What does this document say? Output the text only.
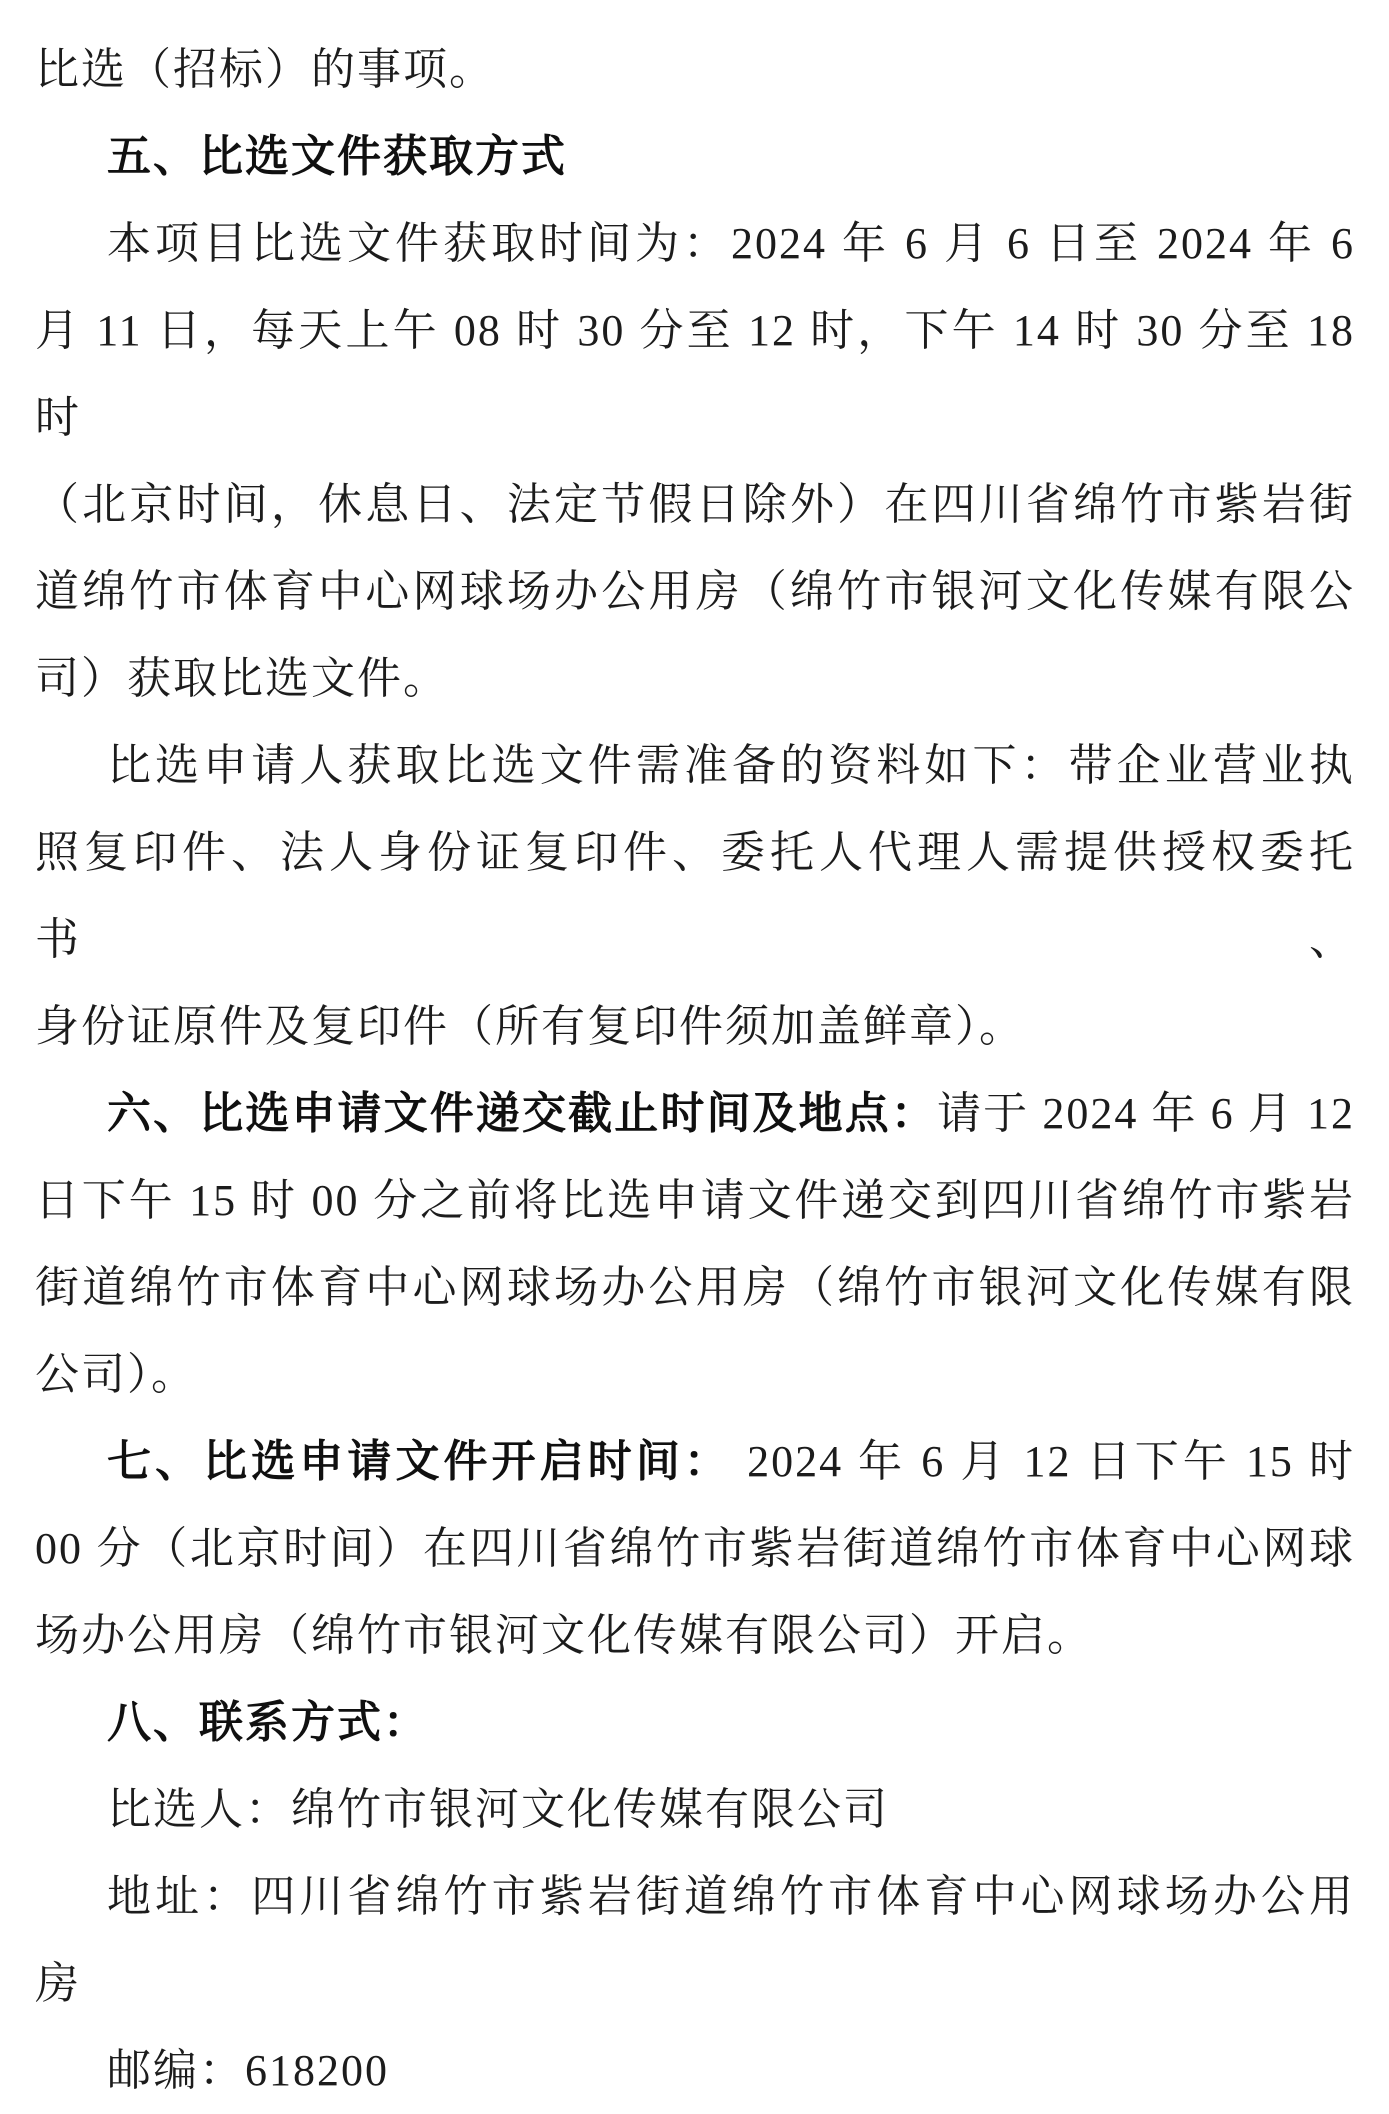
比选（招标）的事项。
五、比选文件获取方式
本项目比选文件获取时间为：2024 年 6 月 6 日至 2024 年 6
月 11 日，每天上午 08 时 30 分至 12 时，下午 14 时 30 分至 18 时
（北京时间，休息日、法定节假日除外）在四川省绵竹市紫岩街
道绵竹市体育中心网球场办公用房（绵竹市银河文化传媒有限公
司）获取比选文件。
比选申请人获取比选文件需准备的资料如下：带企业营业执
照复印件、法人身份证复印件、委托人代理人需提供授权委托书、
身份证原件及复印件（所有复印件须加盖鲜章）。
六、比选申请文件递交截止时间及地点：请于 2024 年 6 月 12
日下午 15 时 00 分之前将比选申请文件递交到四川省绵竹市紫岩
街道绵竹市体育中心网球场办公用房（绵竹市银河文化传媒有限
公司）。
七、比选申请文件开启时间： 2024 年 6 月 12 日下午 15 时
00 分（北京时间）在四川省绵竹市紫岩街道绵竹市体育中心网球
场办公用房（绵竹市银河文化传媒有限公司）开启。
八、联系方式：
比选人：绵竹市银河文化传媒有限公司
地址：四川省绵竹市紫岩街道绵竹市体育中心网球场办公用
房
邮编：618200
